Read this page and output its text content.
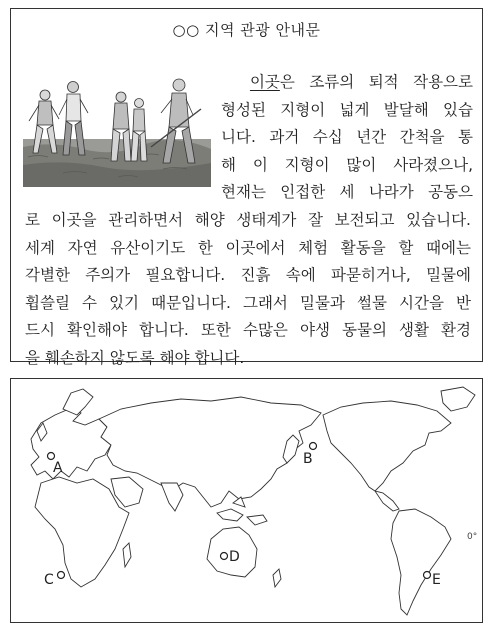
○○ 지역 관광 안내문
이곳은 조류의 퇴적 작용으로
형성된 지형이 넓게 발달해 있습
니다. 과거 수십 년간 간척을 통
해 이 지형이 많이 사라졌으나,
현재는 인접한 세 나라가 공동으
로 이곳을 관리하면서 해양 생태계가 잘 보전되고 있습니다.
세계 자연 유산이기도 한 이곳에서 체험 활동을 할 때에는
각별한 주의가 필요합니다. 진흙 속에 파묻히거나, 밀물에
휩쓸릴 수 있기 때문입니다. 그래서 밀물과 썰물 시간을 반
드시 확인해야 합니다. 또한 수많은 야생 동물의 생활 환경
을 훼손하지 않도록 해야 합니다.
0°
A
B
C
D
E
